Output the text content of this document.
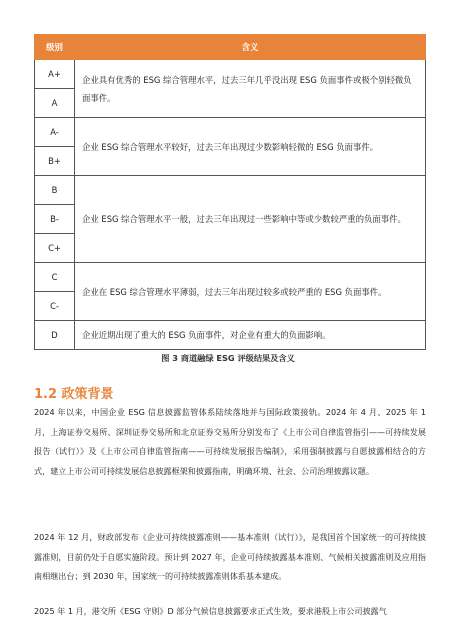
级别	含义
A+	企业具有优秀的 ESG 综合管理水平，过去三年几乎没出现 ESG 负面事件或极个别轻微负面事件。
A	
A-	企业 ESG 综合管理水平较好，过去三年出现过少数影响轻微的 ESG 负面事件。
B+	
B	企业 ESG 综合管理水平一般，过去三年出现过一些影响中等或少数较严重的负面事件。
B-	
C+	
C	企业在 ESG 综合管理水平薄弱，过去三年出现过较多或较严重的 ESG 负面事件。
C-	
D	企业近期出现了重大的 ESG 负面事件，对企业有重大的负面影响。
图 3 商道融绿 ESG 评级结果及含义
1.2 政策背景

2024 年以来，中国企业 ESG 信息披露监管体系陆续落地并与国际政策接轨。2024 年 4 月、2025 年 1 月，上海证券交易所、深圳证券交易所和北京证券交易所分别发布了《上市公司自律监管指引——可持续发展报告（试行）》及《上市公司自律监管指南——可持续发展报告编制》，采用强制披露与自愿披露相结合的方式，建立上市公司可持续发展信息披露框架和披露指南，明确环境、社会、公司治理披露议题。

2024 年 12 月，财政部发布《企业可持续披露准则——基本准则（试行）》，是我国首个国家统一的可持续披露准则，目前仍处于自愿实施阶段。预计到 2027 年，企业可持续披露基本准则、气候相关披露准则及应用指南相继出台；到 2030 年，国家统一的可持续披露准则体系基本建成。

2025 年 1 月，港交所《ESG 守则》D 部分气候信息披露要求正式生效，要求港股上市公司披露气
